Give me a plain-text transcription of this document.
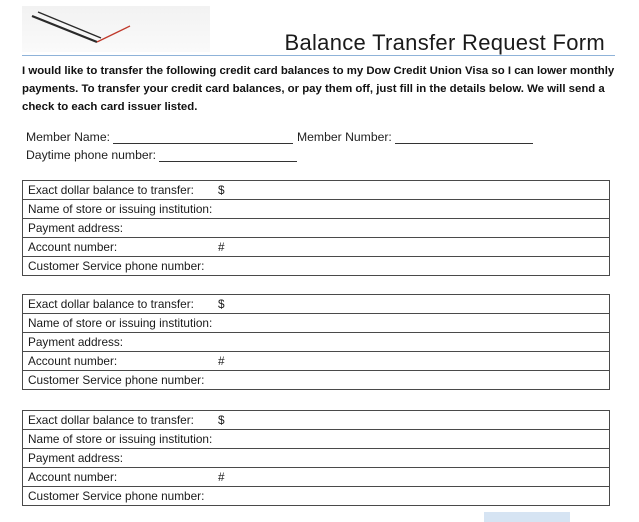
Balance Transfer Request Form
I would like to transfer the following credit card balances to my Dow Credit Union Visa so I can lower monthly payments. To transfer your credit card balances, or pay them off, just fill in the details below. We will send a check to each card issuer listed.
Member Name:	Member Number:
Daytime phone number:
Exact dollar balance to transfer: $
Name of store or issuing institution:
Payment address:
Account number:	#
Customer Service phone number:
Exact dollar balance to transfer: $
Name of store or issuing institution:
Payment address:
Account number:	#
Customer Service phone number:
Exact dollar balance to transfer: $
Name of store or issuing institution:
Payment address:
Account number:	#
Customer Service phone number:
